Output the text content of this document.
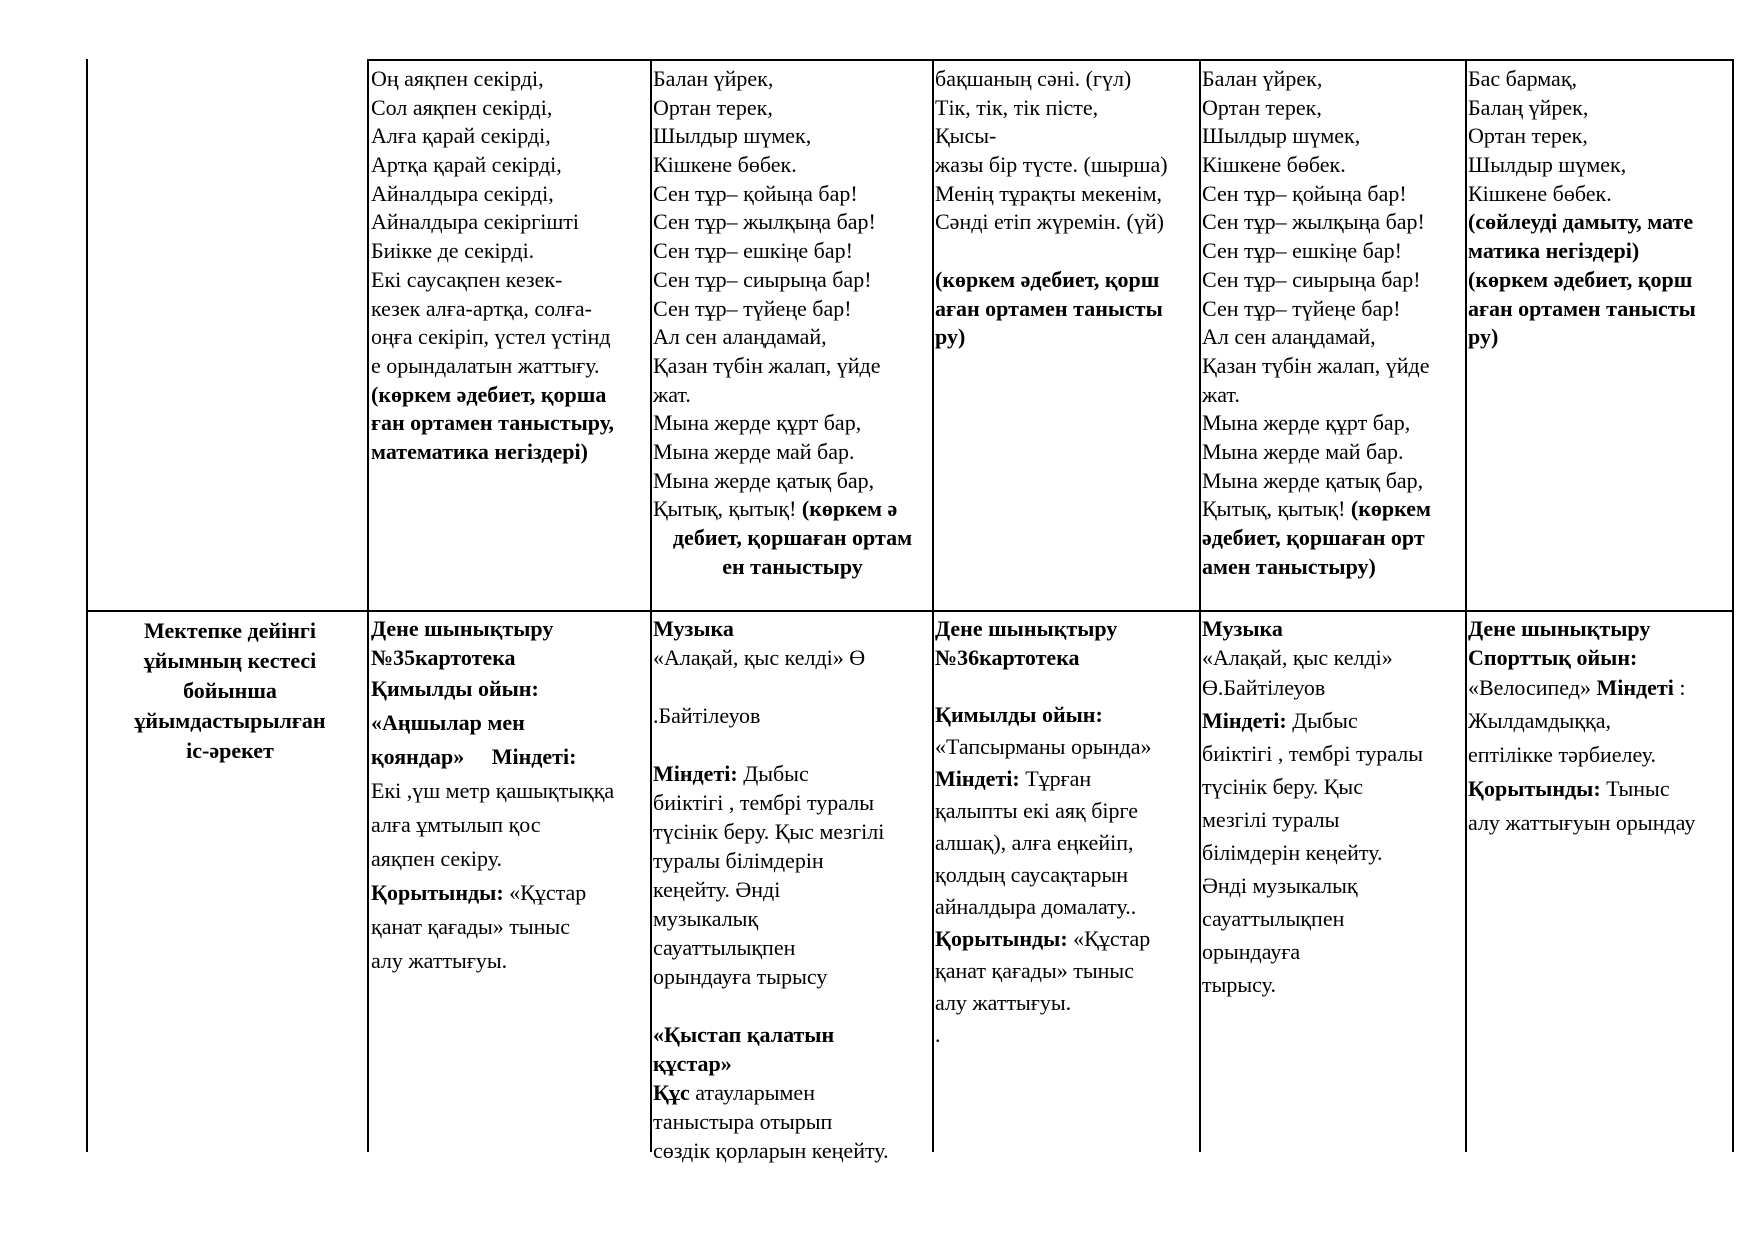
Оң аяқпен секірді,
Сол аяқпен секірді,
Алға қарай секірді,
Артқа қарай секірді,
Айналдыра секірді,
Айналдыра секіргішті
Биікке де секірді.
Екі саусақпен кезек-
кезек алға-артқа, солға-
оңға секіріп, үстел үстінд
е орындалатын жаттығу.
(көркем әдебиет, қорша
ған ортамен таныстыру,
математика негіздері)
Балан үйрек,
Ортан терек,
Шылдыр шүмек,
Кішкене бөбек.
Сен тұр– қойыңа бар!
Сен тұр– жылқыңа бар!
Сен тұр– ешкіңе бар!
Сен тұр– сиырыңа бар!
Сен тұр– түйеңе бар!
Ал сен алаңдамай,
Қазан түбін жалап, үйде
жат.
Мына жерде құрт бар,
Мына жерде май бар.
Мына жерде қатық бар,
Қытық, қытық! (көркем ә
дебиет, қоршаған ортам
ен таныстыру
бақшаның сәні. (гүл)
Тік, тік, тік пісте,
Қысы-
жазы бір түсте. (шырша)
Менің тұрақты мекенім,
Сәнді етіп жүремін. (үй)
(көркем әдебиет, қорш
аған ортамен танысты
ру)
Балан үйрек,
Ортан терек,
Шылдыр шүмек,
Кішкене бөбек.
Сен тұр– қойыңа бар!
Сен тұр– жылқыңа бар!
Сен тұр– ешкіңе бар!
Сен тұр– сиырыңа бар!
Сен тұр– түйеңе бар!
Ал сен алаңдамай,
Қазан түбін жалап, үйде
жат.
Мына жерде құрт бар,
Мына жерде май бар.
Мына жерде қатық бар,
Қытық, қытық! (көркем
әдебиет, қоршаған орт
амен таныстыру)
Бас бармақ,
Балаң үйрек,
Ортан терек,
Шылдыр шүмек,
Кішкене бөбек.
(сөйлеуді дамыту, мате
матика негіздері)
(көркем әдебиет, қорш
аған ортамен танысты
ру)
Мектепке дейінгі
ұйымның кестесі
бойынша
ұйымдастырылған
іс-әрекет
Дене шынықтыру
№35картотека
Қимылды ойын:
«Аңшылар мен
қояндар» Міндеті:
Екі ,үш метр қашықтыққа
алға ұмтылып қос
аяқпен секіру.
Қорытынды: «Құстар
қанат қағады» тыныс
алу жаттығуы.
Музыка
«Алақай, қыс келді» Ө
.Байтілеуов
Міндеті: Дыбыс
биіктігі , тембрі туралы
түсінік беру. Қыс мезгілі
туралы білімдерін
кеңейту. Әнді
музыкалық
сауаттылықпен
орындауға тырысу
«Қыстап қалатын
құстар»
Құс атауларымен
таныстыра отырып
сөздік қорларын кеңейту.
Дене шынықтыру
№36картотека
Қимылды ойын:
«Тапсырманы орында»
Міндеті: Тұрған
қалыпты екі аяқ бірге
алшақ), алға еңкейіп,
қолдың саусақтарын
айналдыра домалату..
Қорытынды: «Құстар
қанат қағады» тыныс
алу жаттығуы.
.
Музыка
«Алақай, қыс келді»
Ө.Байтілеуов
Міндеті: Дыбыс
биіктігі , тембрі туралы
түсінік беру. Қыс
мезгілі туралы
білімдерін кеңейту.
Әнді музыкалық
сауаттылықпен
орындауға
тырысу.
Дене шынықтыру
Спорттық ойын:
«Велосипед» Міндеті :
Жылдамдыққа,
ептілікке тәрбиелеу.
Қорытынды: Тыныс
алу жаттығуын орындау
